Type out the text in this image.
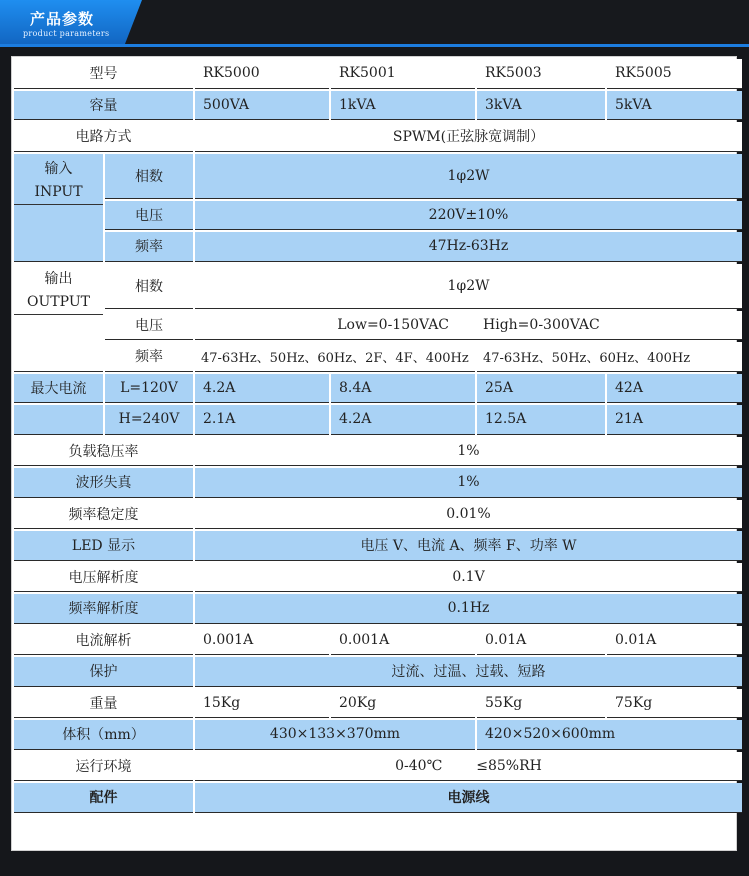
产品参数
product parameters
型号		RK5000	RK5001	RK5003	RK5005
容量		500VA	1kVA	3kVA	5kVA
电路方式		SPWM(正弦脉宽调制）			
输入

INPUT	相数	1φ2W			
	电压	220V±10%			
	频率	47Hz-63Hz			
输出

OUTPUT	相数	1φ2W			
	电压	Low=0-150VAC High=0-300VAC			
	频率	47-63Hz、50Hz、60Hz、2F、4F、400Hz		47-63Hz、50Hz、60Hz、400Hz	
最大电流	L=120V	4.2A	8.4A	25A	42A
	H=240V	2.1A	4.2A	12.5A	21A
负载稳压率		1%			
波形失真		1%			
频率稳定度		0.01%			
LED 显示		电压 V、电流 A、频率 F、功率 W			
电压解析度		0.1V			
频率解析度		0.1Hz			
电流解析		0.001A	0.001A	0.01A	0.01A
保护		过流、过温、过载、短路			
重量		15Kg	20Kg	55Kg	75Kg
体积（mm）		430×133×370mm		420×520×600mm	
运行环境		0-40℃ ≤85%RH			
配件		电源线			
